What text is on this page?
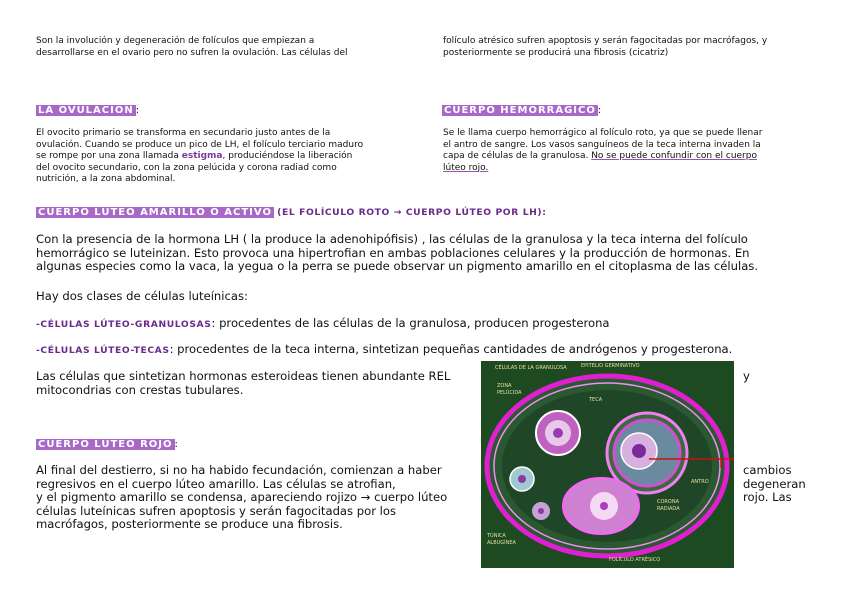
Son la involución y degeneración de folículos que empiezan a
desarrollarse en el ovario pero no sufren la ovulación. Las células del
folículo atrésico sufren apoptosis y serán fagocitadas por macrófagos, y
posteriormente se producirá una fibrosis (cicatriz)
LA OVULACIÓN :
El ovocito primario se transforma en secundario justo antes de la
ovulación. Cuando se produce un pico de LH, el folículo terciario maduro
se rompe por una zona llamada estigma, produciéndose la liberación
del ovocito secundario, con la zona pelúcida y corona radiad como
nutrición, a la zona abdominal.
CUERPO HEMORRÁGICO :
Se le llama cuerpo hemorrágico al folículo roto, ya que se puede llenar
el antro de sangre. Los vasos sanguíneos de la teca interna invaden la
capa de células de la granulosa. No se puede confundir con el cuerpo
lúteo rojo.
CUERPO LÚTEO AMARILLO O ACTIVO (EL FOLÍCULO ROTO → CUERPO LÚTEO POR LH):
Con la presencia de la hormona LH ( la produce la adenohipófisis) , las células de la granulosa y la teca interna del folículo
hemorrágico se luteinizan. Esto provoca una hipertrofian en ambas poblaciones celulares y la producción de hormonas. En
algunas especies como la vaca, la yegua o la perra se puede observar un pigmento amarillo en el citoplasma de las células.
Hay dos clases de células luteínicas:
-CÉLULAS LÚTEO-GRANULOSAS: procedentes de las células de la granulosa, producen progesterona
-CÉLULAS LÚTEO-TECAS: procedentes de la teca interna, sintetizan pequeñas cantidades de andrógenos y progesterona.
Las células que sintetizan hormonas esteroideas tienen abundante REL
mitocondrias con crestas tubulares.
y
CUERPO LÚTEO ROJO :
Al final del destierro, si no ha habido fecundación, comienzan a haber
regresivos en el cuerpo lúteo amarillo. Las células se atrofian,
y el pigmento amarillo se condensa, apareciendo rojizo → cuerpo lúteo
células luteínicas sufren apoptosis y serán fagocitadas por los
macrófagos, posteriormente se produce una fibrosis.
cambios
degeneran
rojo. Las
CÉLULAS DE LA GRANULOSA	EPITELIO GERMINATIVO
ZONA
PELÚCIDA
TECA
ANTRO
CORONA
RADIADA
TÚNICA
ALBUGÍNEA
FOLÍCULO ATRÉSICO
